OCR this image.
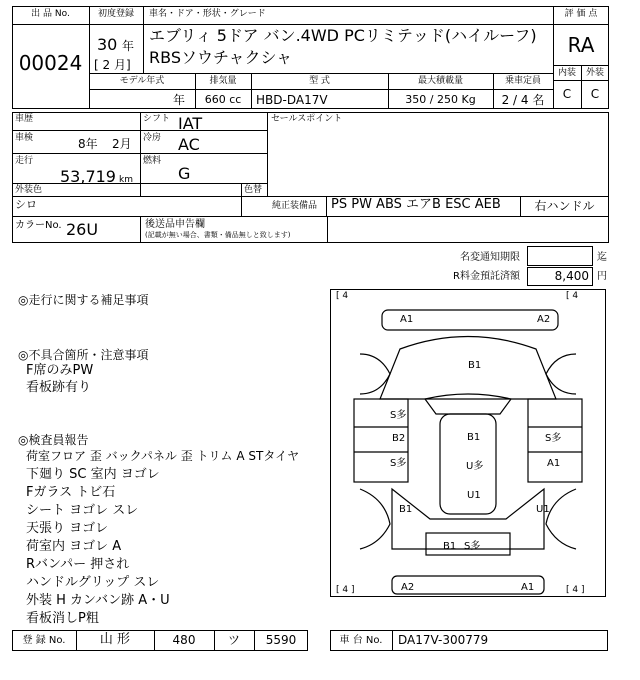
出 品 No.
00024
初度登録
30 年
[ 2 月]
車名・ドア・形状・グレード
エブリィ 5ドア バン.4WD PCリミテッド(ハイルーフ)
RBSソウチャクシャ
評 価 点
RA
内装	外装
C	C
モデル年式	排気量	型 式	最大積載量	乗車定員
年	660 cc	HBD-DA17V	350 / 250 Kg	2 / 4 名
車歴
車検	8年 2月
走行
53,719 km
シフト IAT
冷房 AC
燃料
G
セールスポイント
外装色
シロ
色替
純正装備品 PS PW ABS エアB ESC AEB	右ハンドル
カラーNo. 26U	後送品申告欄
(記載が無い場合、書類・備品無しと致します)
名変通知期限	迄
R料金預託済額	8,400 円
◎走行に関する補足事項
◎不具合箇所・注意事項
F席のみPW
看板跡有り
◎検査員報告
荷室フロア 歪 バックパネル 歪 トリム A STタイヤ
下廻り SC 室内 ヨゴレ
Fガラス トビ石
シート ヨゴレ スレ
天張り ヨゴレ
荷室内 ヨゴレ A
Rバンパー 押され
ハンドルグリップ スレ
外装 H カンバン跡 A・U
看板消しP粗
[ 4	[ 4
[ 4 ]	[ 4 ]
A1	A2
B1
S多
B2
S多
B1
U多
U1
S多
A1
B1	U1
B1 S多
A2	A1
登 録 No.	山 形	480	ツ	5590	車 台 No.	DA17V-300779
